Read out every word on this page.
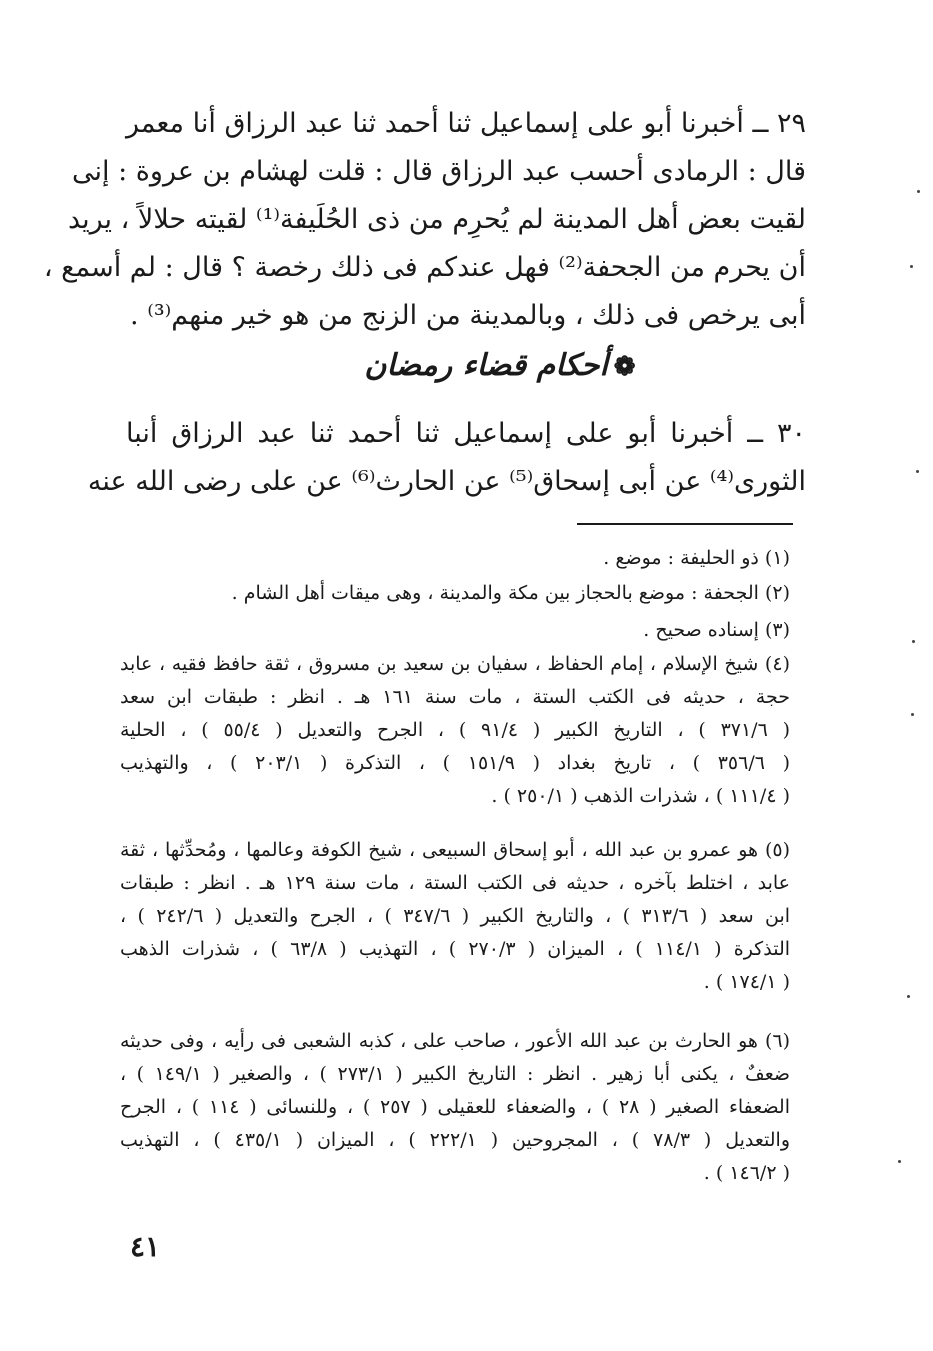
٢٩ ــ أخبرنا أبو على إسماعيل ثنا أحمد ثنا عبد الرزاق أنا معمر
قال : الرمادى أحسب عبد الرزاق قال : قلت لهشام بن عروة : إنى
لقيت بعض أهل المدينة لم يُحرِم من ذى الحُلَيفة⁽¹⁾ لقيته حلالاً ، يريد
أن يحرم من الجحفة⁽²⁾ فهل عندكم فى ذلك رخصة ؟ قال : لم أسمع ،
أبى يرخص فى ذلك ، وبالمدينة من الزنج من هو خير منهم⁽³⁾ .
❁أحكام قضاء رمضان
٣٠ ــ أخبرنا أبو على إسماعيل ثنا أحمد ثنا عبد الرزاق أنبا
الثورى⁽⁴⁾ عن أبى إسحاق⁽⁵⁾ عن الحارث⁽⁶⁾ عن على رضى الله عنه
(١) ذو الحليفة : موضع .
(٢) الجحفة : موضع بالحجاز بين مكة والمدينة ، وهى ميقات أهل الشام .
(٣) إسناده صحيح .
(٤) شيخ الإسلام ، إمام الحفاظ ، سفيان بن سعيد بن مسروق ، ثقة حافظ فقيه ، عابد
حجة ، حديثه فى الكتب الستة ، مات سنة ١٦١ هـ . انظر : طبقات ابن سعد
( ٣٧١/٦ ) ، التاريخ الكبير ( ٩١/٤ ) ، الجرح والتعديل ( ٥٥/٤ ) ، الحلية
( ٣٥٦/٦ ) ، تاريخ بغداد ( ١٥١/٩ ) ، التذكرة ( ٢٠٣/١ ) ، والتهذيب
( ١١١/٤ ) ، شذرات الذهب ( ٢٥٠/١ ) .
(٥) هو عمرو بن عبد الله ، أبو إسحاق السبيعى ، شيخ الكوفة وعالمها ، ومُحدِّثها ، ثقة
عابد ، اختلط بآخره ، حديثه فى الكتب الستة ، مات سنة ١٢٩ هـ . انظر : طبقات
ابن سعد ( ٣١٣/٦ ) ، والتاريخ الكبير ( ٣٤٧/٦ ) ، الجرح والتعديل ( ٢٤٢/٦ ) ،
التذكرة ( ١١٤/١ ) ، الميزان ( ٢٧٠/٣ ) ، التهذيب ( ٦٣/٨ ) ، شذرات الذهب
( ١٧٤/١ ) .
(٦) هو الحارث بن عبد الله الأعور ، صاحب على ، كذبه الشعبى فى رأيه ، وفى حديثه
ضعفٌ ، يكنى أبا زهير . انظر : التاريخ الكبير ( ٢٧٣/١ ) ، والصغير ( ١٤٩/١ ) ،
الضعفاء الصغير ( ٢٨ ) ، والضعفاء للعقيلى ( ٢٥٧ ) ، وللنسائى ( ١١٤ ) ، الجرح
والتعديل ( ٧٨/٣ ) ، المجروحين ( ٢٢٢/١ ) ، الميزان ( ٤٣٥/١ ) ، التهذيب
( ١٤٦/٢ ) .
٤١
